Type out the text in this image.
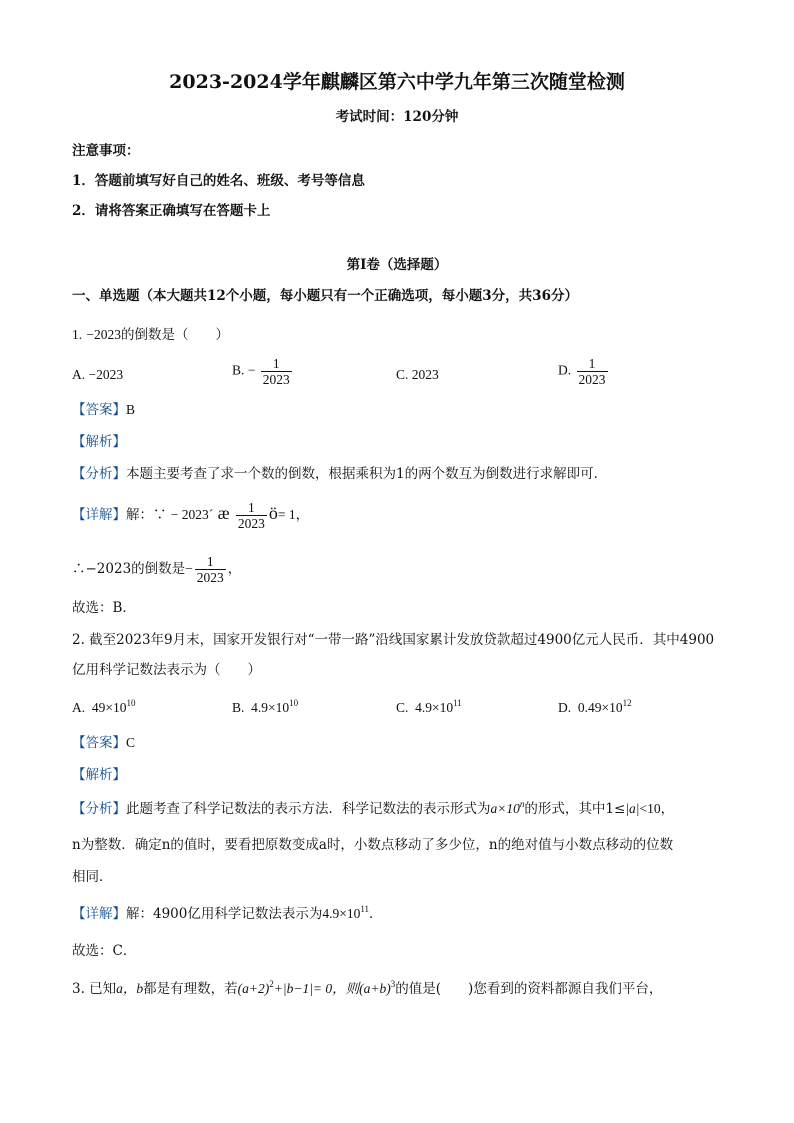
2023-2024学年麒麟区第六中学九年第三次随堂检测
考试时间：120分钟
注意事项：
1．答题前填写好自己的姓名、班级、考号等信息
2．请将答案正确填写在答题卡上
第I卷（选择题）
一、单选题（本大题共12个小题，每小题只有一个正确选项，每小题3分，共36分）
1. −2023的倒数是（　　）
A. −2023	B. − $\frac{1}{2023}$	C. 2023	D. $\frac{1}{2023}$
【答案】B
【解析】
【分析】本题主要考查了求一个数的倒数，根据乘积为1的两个数互为倒数进行求解即可．
【详解】解：∵ − 2023´ æ $\frac{1}{2023}$ ö= 1，
∴−2023的倒数是− $\frac{1}{2023}$ ，
故选：B．
2. 截至2023年9月末，国家开发银行对“一带一路”沿线国家累计发放贷款超过4900亿元人民币．其中4900
亿用科学记数法表示为（　　）
A. $49\times 10^{10}$	B. $4.9\times 10^{10}$	C. $4.9\times 10^{11}$	D. $0.49\times 10^{12}$
【答案】C
【解析】
【分析】此题考查了科学记数法的表示方法．科学记数法的表示形式为$a\times 10^n$的形式，其中1≤|a|<10，
n为整数．确定n的值时，要看把原数变成a时，小数点移动了多少位，n的绝对值与小数点移动的位数
相同．
【详解】解：4900亿用科学记数法表示为$4.9\times 10^{11}$．
故选：C．
3. 已知a，b都是有理数，若$(a+2)^2+|b-1|= 0$，则$(a+b)^3$的值是(　　)您看到的资料都源自我们平台，
